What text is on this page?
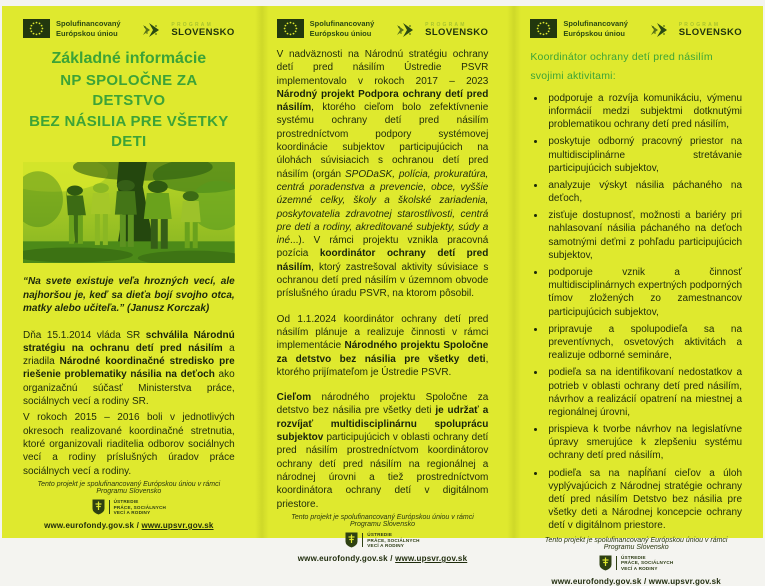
Spolufinancovaný
Európskou úniou
PROGRAM
SLOVENSKO
Základné informácie
NP SPOLOČNE ZA DETSTVO
BEZ NÁSILIA PRE VŠETKY DETI
“Na svete existuje veľa hrozných vecí, ale najhoršou je, keď sa dieťa bojí svojho otca, matky alebo učiteľa.” (Janusz Korczak)

Dňa 15.1.2014 vláda SR schválila Národnú stratégiu na ochranu detí pred násilím a zriadila Národné koordinačné stredisko pre riešenie problematiky násilia na deťoch ako organizačnú súčasť Ministerstva práce, sociálnych vecí a rodiny SR.

V rokoch 2015 – 2016 boli v jednotlivých okresoch realizované koordinačné stretnutia, ktoré organizovali riaditelia odborov sociálnych vecí a rodiny príslušných úradov práce sociálnych vecí a rodiny.

Tento projekt je spolufinancovaný Európskou úniou v rámci Programu Slovensko
ÚSTREDIE
PRÁCE, SOCIÁLNYCH
VECÍ A RODINY
www.eurofondy.gov.sk / www.upsvr.gov.sk
Spolufinancovaný
Európskou úniou
PROGRAM
SLOVENSKO

V nadväznosti na Národnú stratégiu ochrany detí pred násilím Ústredie PSVR implementovalo v rokoch 2017 – 2023 Národný projekt Podpora ochrany detí pred násilím, ktorého cieľom bolo zefektívnenie systému ochrany detí pred násilím prostredníctvom podpory systémovej koordinácie subjektov participujúcich na úlohách súvisiacich s ochranou detí pred násilím (orgán SPODaSK, polícia, prokuratúra, centrá poradenstva a prevencie, obce, vyššie územné celky, školy a školské zariadenia, poskytovatelia zdravotnej starostlivosti, centrá pre deti a rodiny, akreditované subjekty, súdy a iné...). V rámci projektu vznikla pracovná pozícia koordinátor ochrany detí pred násilím, ktorý zastrešoval aktivity súvisiace s ochranou detí pred násilím v územnom obvode príslušného úradu PSVR, na ktorom pôsobil.

Od 1.1.2024 koordinátor ochrany detí pred násilím plánuje a realizuje činnosti v rámci implementácie Národného projektu Spoločne za detstvo bez násilia pre všetky deti, ktorého prijímateľom je Ústredie PSVR.

Cieľom národného projektu Spoločne za detstvo bez násilia pre všetky deti je udržať a rozvíjať multidisciplinárnu spoluprácu subjektov participujúcich v oblasti ochrany detí pred násilím prostredníctvom koordinátorov ochrany detí pred násilím na regionálnej a národnej úrovni a tiež prostredníctvom koordinátora ochrany detí v digitálnom priestore.

Tento projekt je spolufinancovaný Európskou úniou v rámci Programu Slovensko
ÚSTREDIE
PRÁCE, SOCIÁLNYCH
VECÍ A RODINY
www.eurofondy.gov.sk / www.upsvr.gov.sk
Spolufinancovaný
Európskou úniou
PROGRAM
SLOVENSKO
Koordinátor ochrany detí pred násilím svojimi aktivitami:
• podporuje a rozvíja komunikáciu, výmenu informácií medzi subjektmi dotknutými problematikou ochrany detí pred násilím,
• poskytuje odborný pracovný priestor na multidisciplinárne stretávanie participujúcich subjektov,
• analyzuje výskyt násilia páchaného na deťoch,
• zisťuje dostupnosť, možnosti a bariéry pri nahlasovaní násilia páchaného na deťoch samotnými deťmi z pohľadu participujúcich subjektov,
• podporuje vznik a činnosť multidisciplinárnych expertných podporných tímov zložených zo zamestnancov participujúcich subjektov,
• pripravuje a spolupodieľa sa na preventívnych, osvetových aktivitách a realizuje odborné semináre,
• podieľa sa na identifikovaní nedostatkov a potrieb v oblasti ochrany detí pred násilím, návrhov a realizácií opatrení na miestnej a regionálnej úrovni,
• prispieva k tvorbe návrhov na legislatívne úpravy smerujúce k zlepšeniu systému ochrany detí pred násilím,
• podieľa sa na napĺňaní cieľov a úloh vyplývajúcich z Národnej stratégie ochrany detí pred násilím Detstvo bez násilia pre všetky deti a Národnej koncepcie ochrany detí v digitálnom priestore.
Tento projekt je spolufinancovaný Európskou úniou v rámci Programu Slovensko
ÚSTREDIE
PRÁCE, SOCIÁLNYCH
VECÍ A RODINY
www.eurofondy.gov.sk / www.upsvr.gov.sk
